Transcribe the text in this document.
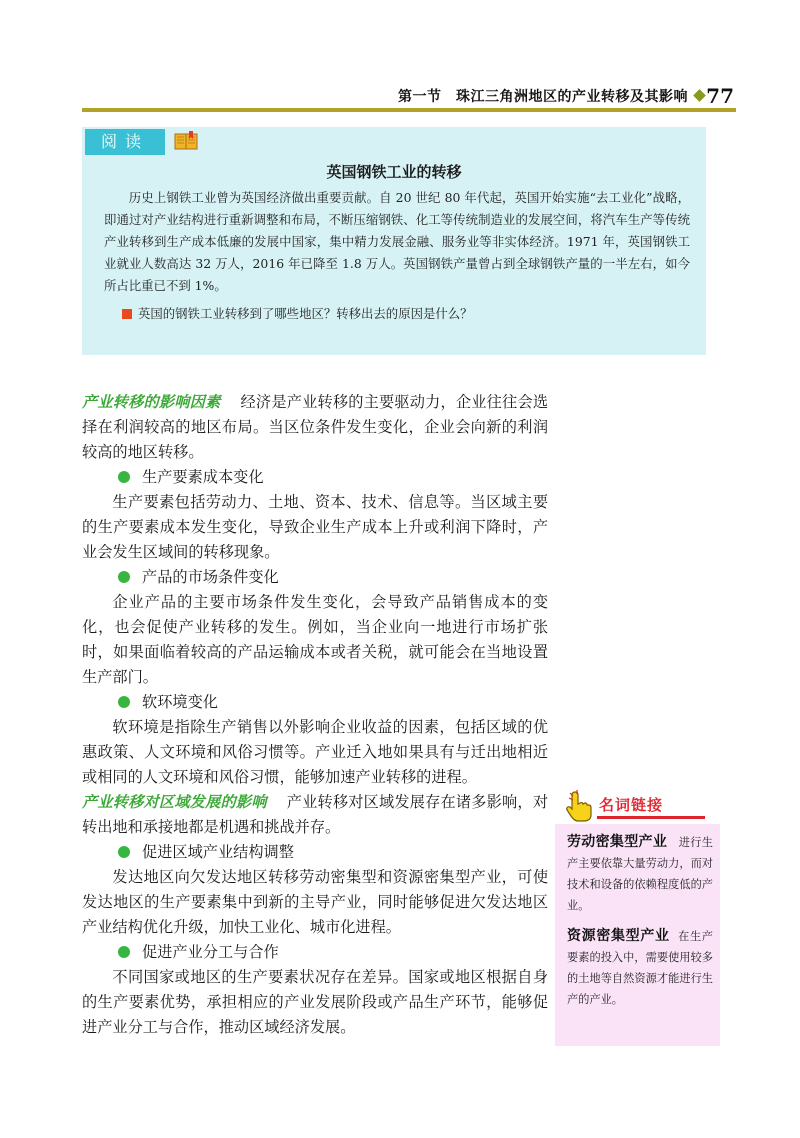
第一节　珠江三角洲地区的产业转移及其影响 77
阅读
英国钢铁工业的转移
历史上钢铁工业曾为英国经济做出重要贡献。自 20 世纪 80 年代起，英国开始实施“去工业化”战略，即通过对产业结构进行重新调整和布局，不断压缩钢铁、化工等传统制造业的发展空间，将汽车生产等传统产业转移到生产成本低廉的发展中国家，集中精力发展金融、服务业等非实体经济。1971 年，英国钢铁工业就业人数高达 32 万人，2016 年已降至 1.8 万人。英国钢铁产量曾占到全球钢铁产量的一半左右，如今所占比重已不到 1%。
英国的钢铁工业转移到了哪些地区？转移出去的原因是什么？

产业转移的影响因素 经济是产业转移的主要驱动力，企业往往会选择在利润较高的地区布局。当区位条件发生变化，企业会向新的利润较高的地区转移。

生产要素成本变化

生产要素包括劳动力、土地、资本、技术、信息等。当区域主要的生产要素成本发生变化，导致企业生产成本上升或利润下降时，产业会发生区域间的转移现象。

产品的市场条件变化

企业产品的主要市场条件发生变化，会导致产品销售成本的变化，也会促使产业转移的发生。例如，当企业向一地进行市场扩张时，如果面临着较高的产品运输成本或者关税，就可能会在当地设置生产部门。

软环境变化

软环境是指除生产销售以外影响企业收益的因素，包括区域的优惠政策、人文环境和风俗习惯等。产业迁入地如果具有与迁出地相近或相同的人文环境和风俗习惯，能够加速产业转移的进程。

产业转移对区域发展的影响 产业转移对区域发展存在诸多影响，对转出地和承接地都是机遇和挑战并存。

促进区域产业结构调整

发达地区向欠发达地区转移劳动密集型和资源密集型产业，可使发达地区的生产要素集中到新的主导产业，同时能够促进欠发达地区产业结构优化升级，加快工业化、城市化进程。

促进产业分工与合作

不同国家或地区的生产要素状况存在差异。国家或地区根据自身的生产要素优势，承担相应的产业发展阶段或产品生产环节，能够促进产业分工与合作，推动区域经济发展。

名词链接
劳动密集型产业 进行生产主要依靠大量劳动力，而对技术和设备的依赖程度低的产业。
资源密集型产业 在生产要素的投入中，需要使用较多的土地等自然资源才能进行生产的产业。
